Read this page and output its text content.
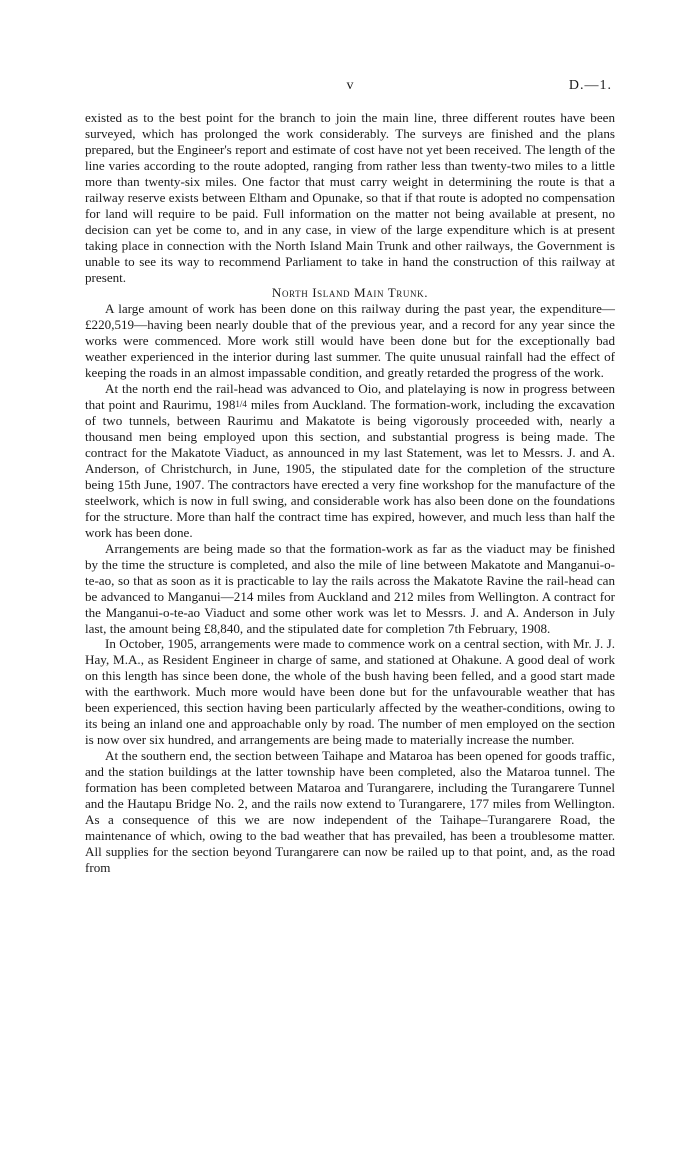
v	D.—1.

existed as to the best point for the branch to join the main line, three different routes have been surveyed, which has prolonged the work considerably. The surveys are finished and the plans prepared, but the Engineer's report and estimate of cost have not yet been received. The length of the line varies according to the route adopted, ranging from rather less than twenty-two miles to a little more than twenty-six miles. One factor that must carry weight in determining the route is that a railway reserve exists between Eltham and Opunake, so that if that route is adopted no compensation for land will require to be paid. Full information on the matter not being available at present, no decision can yet be come to, and in any case, in view of the large expenditure which is at present taking place in connection with the North Island Main Trunk and other railways, the Government is unable to see its way to recommend Parliament to take in hand the construction of this railway at present.

North Island Main Trunk.

A large amount of work has been done on this railway during the past year, the expenditure—£220,519—having been nearly double that of the previous year, and a record for any year since the works were commenced. More work still would have been done but for the exceptionally bad weather experienced in the interior during last summer. The quite unusual rainfall had the effect of keeping the roads in an almost impassable condition, and greatly retarded the progress of the work.

At the north end the rail-head was advanced to Oio, and platelaying is now in progress between that point and Raurimu, 1981/4 miles from Auckland. The formation-work, including the excavation of two tunnels, between Raurimu and Makatote is being vigorously proceeded with, nearly a thousand men being employed upon this section, and substantial progress is being made. The contract for the Makatote Viaduct, as announced in my last Statement, was let to Messrs. J. and A. Anderson, of Christchurch, in June, 1905, the stipulated date for the completion of the structure being 15th June, 1907. The contractors have erected a very fine workshop for the manufacture of the steelwork, which is now in full swing, and considerable work has also been done on the foundations for the structure. More than half the contract time has expired, however, and much less than half the work has been done.

Arrangements are being made so that the formation-work as far as the viaduct may be finished by the time the structure is completed, and also the mile of line between Makatote and Manganui-o-te-ao, so that as soon as it is practicable to lay the rails across the Makatote Ravine the rail-head can be advanced to Manganui—214 miles from Auckland and 212 miles from Wellington. A contract for the Manganui-o-te-ao Viaduct and some other work was let to Messrs. J. and A. Anderson in July last, the amount being £8,840, and the stipulated date for completion 7th February, 1908.

In October, 1905, arrangements were made to commence work on a central section, with Mr. J. J. Hay, M.A., as Resident Engineer in charge of same, and stationed at Ohakune. A good deal of work on this length has since been done, the whole of the bush having been felled, and a good start made with the earthwork. Much more would have been done but for the unfavourable weather that has been experienced, this section having been particularly affected by the weather-conditions, owing to its being an inland one and approachable only by road. The number of men employed on the section is now over six hundred, and arrangements are being made to materially increase the number.

At the southern end, the section between Taihape and Mataroa has been opened for goods traffic, and the station buildings at the latter township have been completed, also the Mataroa tunnel. The formation has been completed between Mataroa and Turangarere, including the Turangarere Tunnel and the Hautapu Bridge No. 2, and the rails now extend to Turangarere, 177 miles from Wellington. As a consequence of this we are now independent of the Taihape–Turangarere Road, the maintenance of which, owing to the bad weather that has prevailed, has been a troublesome matter. All supplies for the section beyond Turangarere can now be railed up to that point, and, as the road from
